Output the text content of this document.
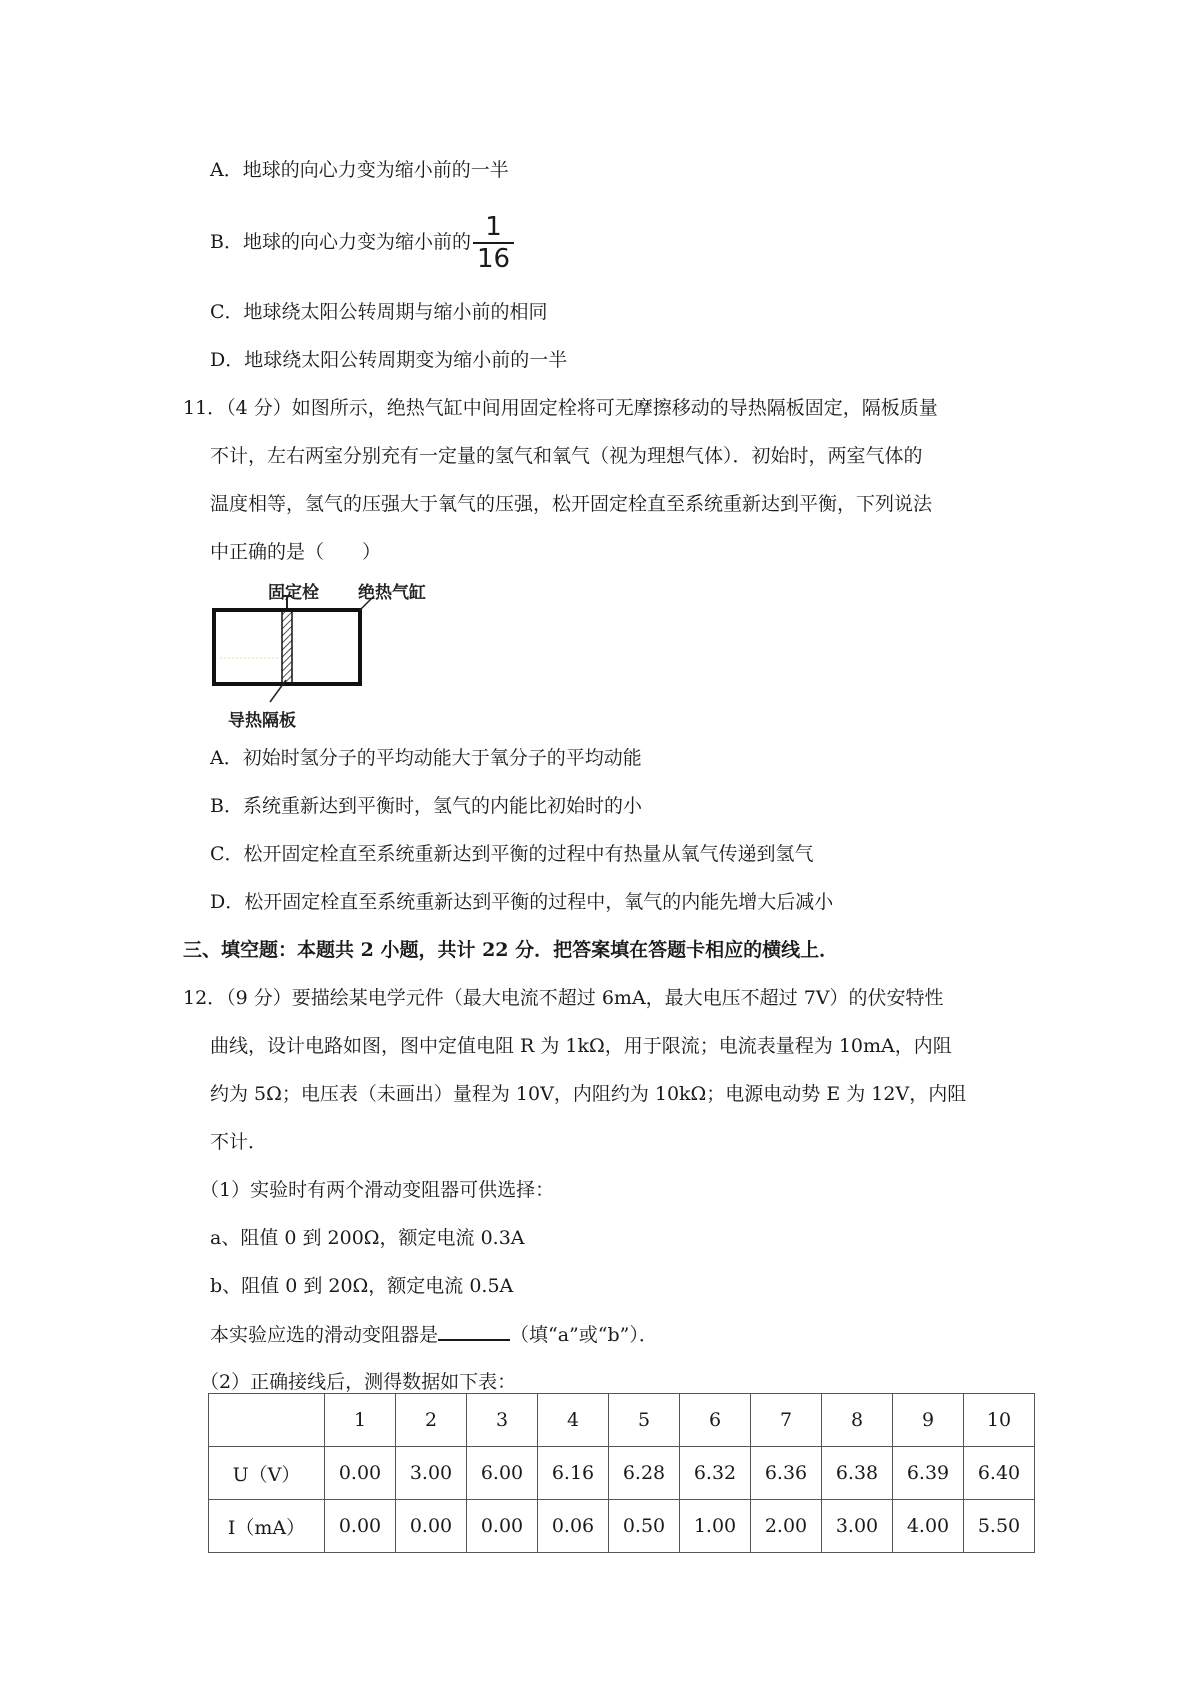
A．地球的向心力变为缩小前的一半
B．地球的向心力变为缩小前的 $\frac{1}{16}$
C．地球绕太阳公转周期与缩小前的相同
D．地球绕太阳公转周期变为缩小前的一半
11．（4 分）如图所示，绝热气缸中间用固定栓将可无摩擦移动的导热隔板固定，隔板质量
不计，左右两室分别充有一定量的氢气和氧气（视为理想气体）．初始时，两室气体的
温度相等，氢气的压强大于氧气的压强，松开固定栓直至系统重新达到平衡，下列说法
中正确的是（　　）
固定栓 绝热气缸
导热隔板
A．初始时氢分子的平均动能大于氧分子的平均动能
B．系统重新达到平衡时，氢气的内能比初始时的小
C．松开固定栓直至系统重新达到平衡的过程中有热量从氧气传递到氢气
D．松开固定栓直至系统重新达到平衡的过程中，氧气的内能先增大后减小
三、填空题：本题共 2 小题，共计 22 分．把答案填在答题卡相应的横线上．
12．（9 分）要描绘某电学元件（最大电流不超过 6mA，最大电压不超过 7V）的伏安特性
曲线，设计电路如图，图中定值电阻 R 为 1kΩ，用于限流；电流表量程为 10mA，内阻
约为 5Ω；电压表（未画出）量程为 10V，内阻约为 10kΩ；电源电动势 E 为 12V，内阻
不计．
（1）实验时有两个滑动变阻器可供选择：
a、阻值 0 到 200Ω，额定电流 0.3A
b、阻值 0 到 20Ω，额定电流 0.5A
本实验应选的滑动变阻器是	（填“a”或“b”）．
（2）正确接线后，测得数据如下表：
	1	2	3	4	5	6	7	8	9	10
U（V）	0.00	3.00	6.00	6.16	6.28	6.32	6.36	6.38	6.39	6.40
I（mA）	0.00	0.00	0.00	0.06	0.50	1.00	2.00	3.00	4.00	5.50
